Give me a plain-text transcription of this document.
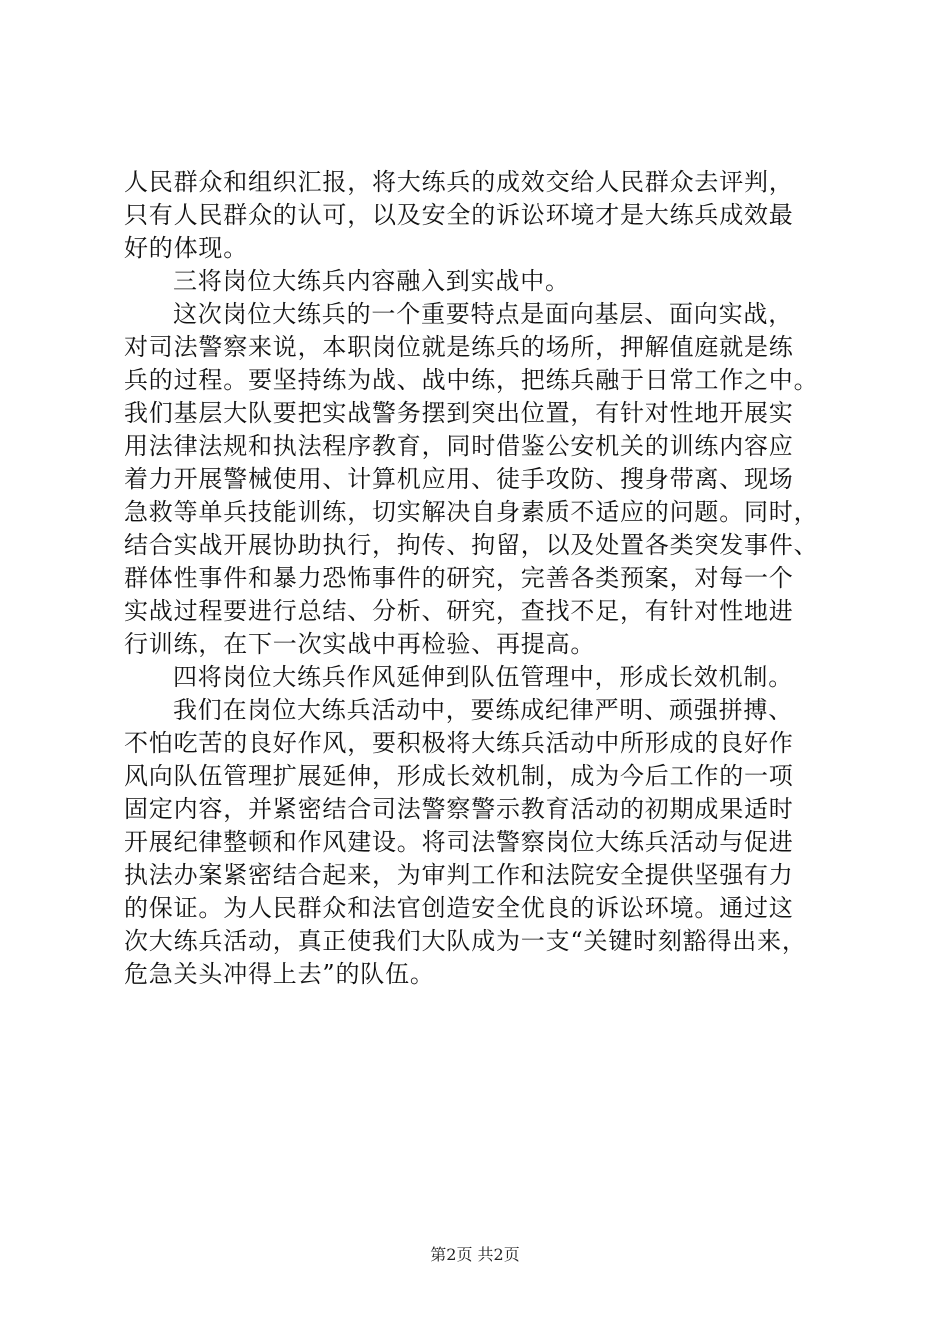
人民群众和组织汇报，将大练兵的成效交给人民群众去评判，
只有人民群众的认可，以及安全的诉讼环境才是大练兵成效最
好的体现。
三将岗位大练兵内容融入到实战中。
这次岗位大练兵的一个重要特点是面向基层、面向实战，
对司法警察来说，本职岗位就是练兵的场所，押解值庭就是练
兵的过程。要坚持练为战、战中练，把练兵融于日常工作之中。
我们基层大队要把实战警务摆到突出位置，有针对性地开展实
用法律法规和执法程序教育，同时借鉴公安机关的训练内容应
着力开展警械使用、计算机应用、徒手攻防、搜身带离、现场
急救等单兵技能训练，切实解决自身素质不适应的问题。同时，
结合实战开展协助执行，拘传、拘留，以及处置各类突发事件、
群体性事件和暴力恐怖事件的研究，完善各类预案，对每一个
实战过程要进行总结、分析、研究，查找不足，有针对性地进
行训练，在下一次实战中再检验、再提高。
四将岗位大练兵作风延伸到队伍管理中，形成长效机制。
我们在岗位大练兵活动中，要练成纪律严明、顽强拼搏、
不怕吃苦的良好作风，要积极将大练兵活动中所形成的良好作
风向队伍管理扩展延伸，形成长效机制，成为今后工作的一项
固定内容，并紧密结合司法警察警示教育活动的初期成果适时
开展纪律整顿和作风建设。将司法警察岗位大练兵活动与促进
执法办案紧密结合起来，为审判工作和法院安全提供坚强有力
的保证。为人民群众和法官创造安全优良的诉讼环境。通过这
次大练兵活动，真正使我们大队成为一支“关键时刻豁得出来，
危急关头冲得上去”的队伍。
第2页 共2页
